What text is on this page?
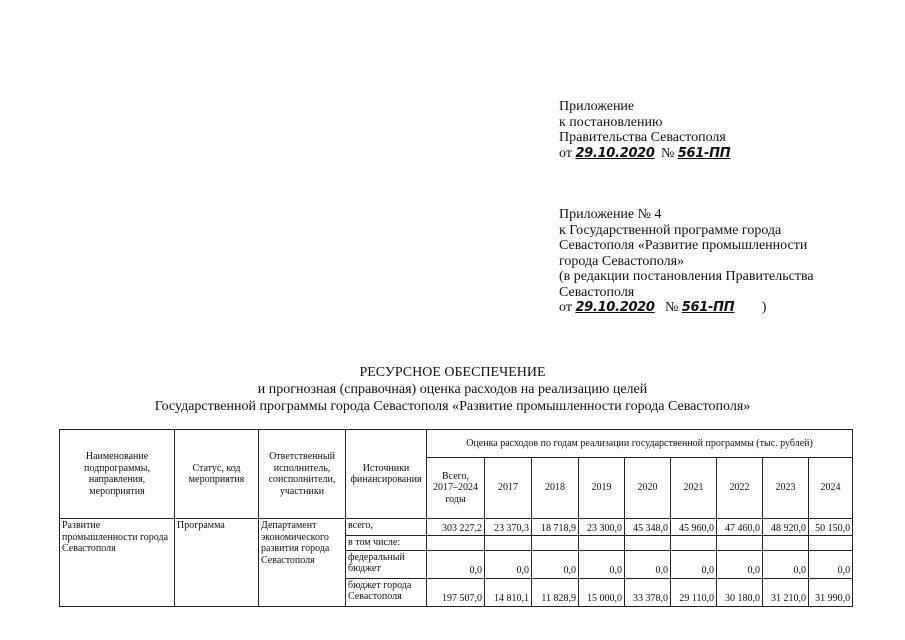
Приложение
к постановлению
Правительства Севастополя
от 29.10.2020 № 561-ПП
Приложение № 4
к Государственной программе города
Севастополя «Развитие промышленности
города Севастополя»
(в редакции постановления Правительства
Севастополя
от 29.10.2020 № 561-ПП )
РЕСУРСНОЕ ОБЕСПЕЧЕНИЕ
и прогнозная (справочная) оценка расходов на реализацию целей
Государственной программы города Севастополя «Развитие промышленности города Севастополя»
Наименование подпрограммы, направления, мероприятия	Статус, код мероприятия	Ответственный исполнитель, соисполнители, участники	Источники финансирования	Оценка расходов по годам реализации государственной программы (тыс. рублей)								
				Всего, 2017–2024 годы	2017	2018	2019	2020	2021	2022	2023	2024
Развитие промышленности города Севастополя	Программа	Департамент экономического развития города Севастополя	всего,	303 227,2	23 370,3	18 718,9	23 300,0	45 348,0	45 960,0	47 460,0	48 920,0	50 150,0
			в том числе:									
			федеральный бюджет	0,0	0,0	0,0	0,0	0,0	0,0	0,0	0,0	0,0
			бюджет города Севастополя	197 507,0	14 810,1	11 828,9	15 000,0	33 378,0	29 110,0	30 180,0	31 210,0	31 990,0
